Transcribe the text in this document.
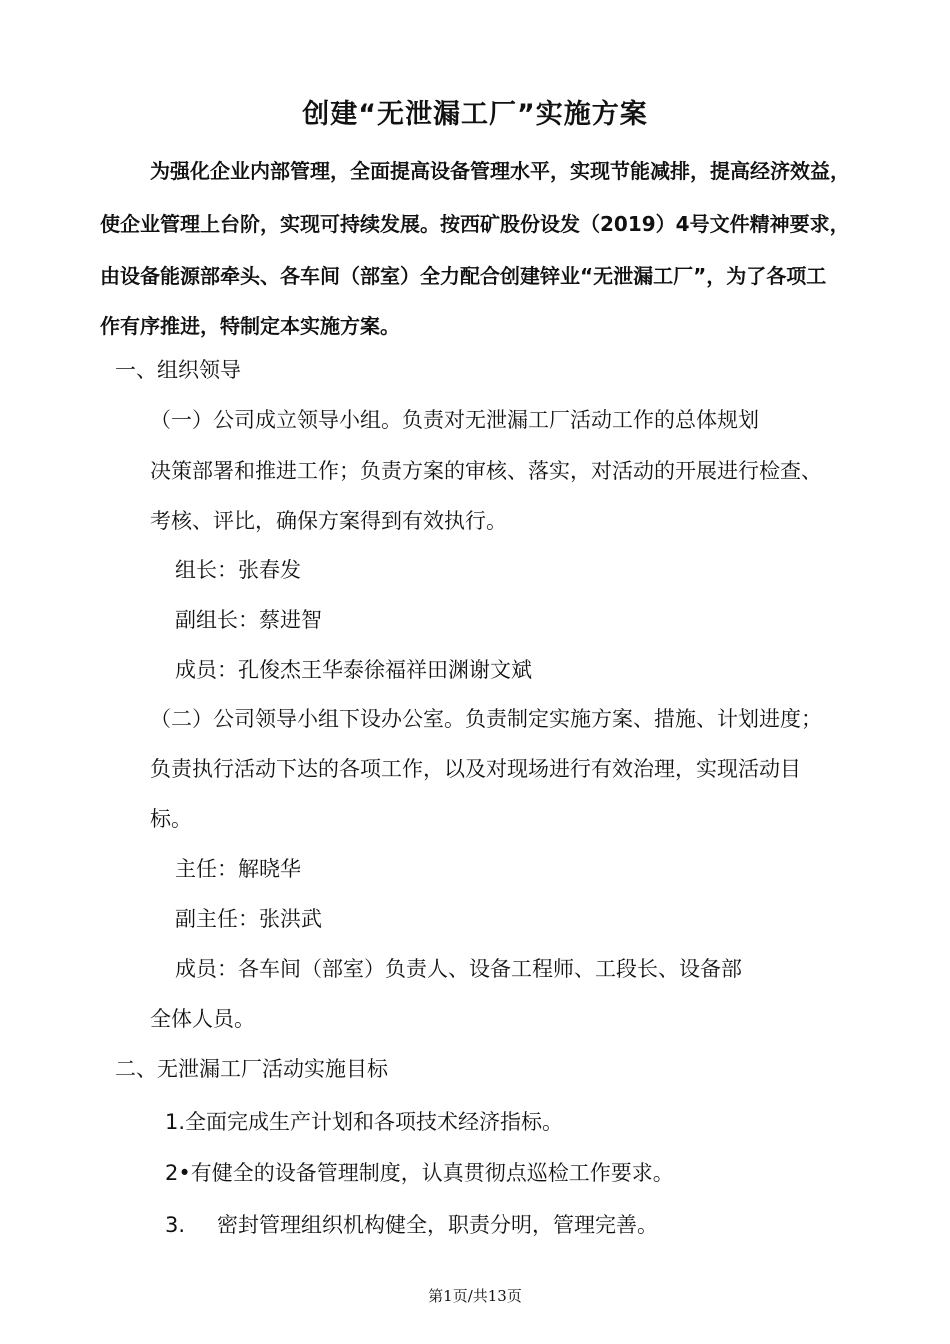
创建“无泄漏工厂”实施方案
为强化企业内部管理，全面提高设备管理水平，实现节能减排，提高经济效益，
使企业管理上台阶，实现可持续发展。按西矿股份设发（2019）4号文件精神要求，
由设备能源部牵头、各车间（部室）全力配合创建锌业“无泄漏工厂”，为了各项工
作有序推进，特制定本实施方案。
一、组织领导
（一）公司成立领导小组。负责对无泄漏工厂活动工作的总体规划
决策部署和推进工作；负责方案的审核、落实，对活动的开展进行检查、
考核、评比，确保方案得到有效执行。
组长：张春发
副组长：蔡进智
成员：孔俊杰王华泰徐福祥田渊谢文斌
（二）公司领导小组下设办公室。负责制定实施方案、措施、计划进度；
负责执行活动下达的各项工作，以及对现场进行有效治理，实现活动目
标。
主任：解晓华
副主任：张洪武
成员：各车间（部室）负责人、设备工程师、工段长、设备部
全体人员。
二、无泄漏工厂活动实施目标
1.全面完成生产计划和各项技术经济指标。
2•有健全的设备管理制度，认真贯彻点巡检工作要求。
3. 密封管理组织机构健全，职责分明，管理完善。
第1页/共13页
